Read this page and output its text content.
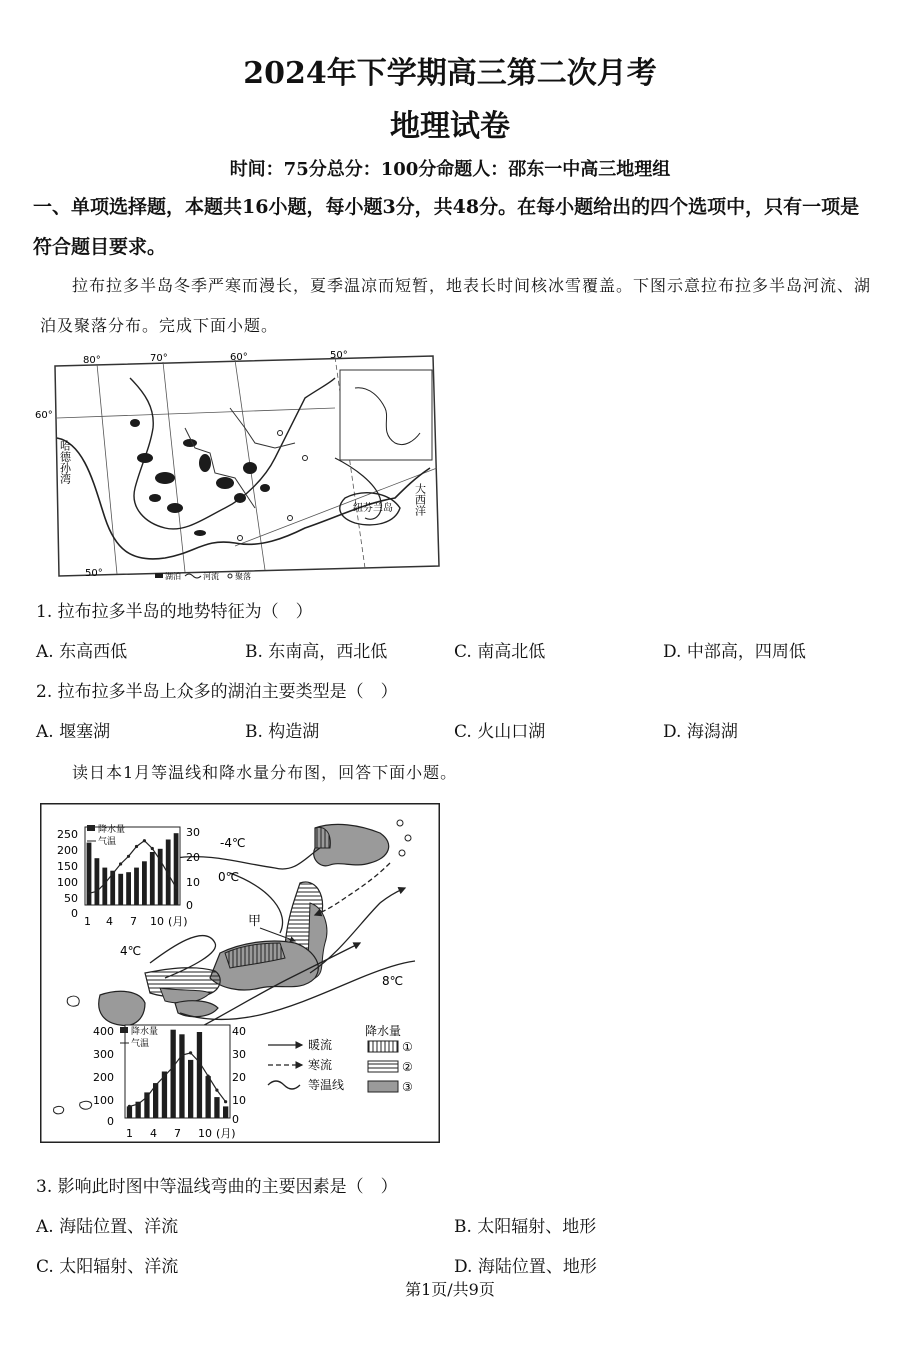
2024年下学期高三第二次月考
地理试卷
时间：75分总分：100分命题人：邵东一中高三地理组
一、单项选择题，本题共16小题，每小题3分，共48分。在每小题给出的四个选项中，只有一项是符合题目要求。
拉布拉多半岛冬季严寒而漫长，夏季温凉而短暂，地表长时间核冰雪覆盖。下图示意拉布拉多半岛河流、湖泊及聚落分布。完成下面小题。
60°
80°	70°	60°
50°
50°
哈德孙湾
大西洋
纽芬兰岛
湖泊	河流 聚落
1. 拉布拉多半岛的地势特征为（　）
A. 东高西低	B. 东南高，西北低	C. 南高北低	D. 中部高，四周低
2. 拉布拉多半岛上众多的湖泊主要类型是（　）
A. 堰塞湖	B. 构造湖	C. 火山口湖	D. 海潟湖
读日本1月等温线和降水量分布图，回答下面小题。
-4℃
0℃
4℃
8℃
甲
降水量
气温
250
200
150
100
50
0
30
20
10
0
1 4 7 10 (月)
降水量
气温
400
300
200
100
0
40
30
20
10
0
1 4 7 10 (月)
暖流
寒流
等温线
降水量
①
②
③
3. 影响此时图中等温线弯曲的主要因素是（　）
A. 海陆位置、洋流	B. 太阳辐射、地形
C. 太阳辐射、洋流	D. 海陆位置、地形
第1页/共9页
